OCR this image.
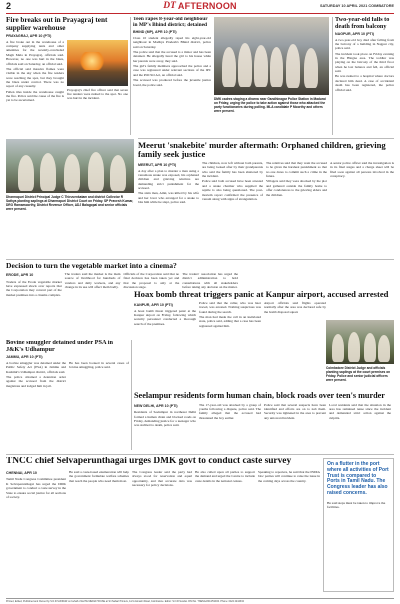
2	DT AFTERNOON	SATURDAY 10 APRIL 2021 COIMBATORE
Fire breaks out in Prayagraj tent supplier warehouse
PRAYAGRAJ, APR 10 (PTI)

A fire broke out in the warehouse of a company supplying tents and other amenities for the recently-concluded Magh Mela in Prayagraj, officials said. However, no one was hurt in the blaze, officials said on Saturday, an official said.

The official said massive flames were visible in the sky when the fire tenders were reaching the spot, but they brought the blaze under control. There was no report of any casualty.

Fallen tiles inside the warehouse caught the fire. Police said the cause of the fire is yet to be ascertained.

Prayagraj's chief fire officer said that seven fire tenders were rushed to the spot. No one was hurt in the incident.

Teen rapes 8-year-old neighbour in MP's Bhind district; detained
BHIND (MP), APR 10 (PTI)

Class 10 student allegedly raped his eight-year-old neighbour in Madhya Pradesh's Bhind district, police said on Saturday.

The police said that the accused is a minor and has been detained. He allegedly lured the girl to his house while her parents were away, they said.

The girl's family members approached the police and a case was registered under relevant sections of the IPC and the POCSO Act, an official said.

The accused was produced before the juvenile justice board, the police said.

DMK cadres staging a dharna near Gandhinagar Police Station in Madurai on Friday, urging the police to take action against those who attacked the party functionaries during polling. MLA candidate P Moorthy and others were present.
Two-year-old falls to death from balcony
NAGPUR, APR 10 (PTI)

A two-year-old boy died after falling from the balcony of a building in Nagpur city, police said.

The incident took place on Friday evening in the Hingna area. The toddler was playing on the balcony of the third floor when he lost balance and fell, an official said.

He was rushed to a hospital where doctors declared him dead. A case of accidental death has been registered, the police official said.

Dharmapuri District Principal Judge C Thiruvenkatam and district Collector R Sathya planting saplings at Dharmapuri District Court on Friday. SP Pravesh Kumar, DRO Ramamoorthy, District Revenue Officer, ADJ Balagopal and senior officials were present.
Meerut 'snakebite' murder aftermath: Orphaned children, grieving family seek justice
MEERUT, APR 10 (PTI)

A day after a plan to murder a man using a venomous snake was exposed, his orphaned children and grieving relatives are demanding strict punishment for the accused.

The slain man, Amit, was killed by his wife and her lover who arranged for a snake to bite him while he slept, police said.

The children, now left without both parents, are being looked after by their grandparents who said the family has been shattered by the incident.

Police said both accused have been arrested and a snake charmer who supplied the reptile is also being questioned. The post-mortem report confirmed the presence of venom along with signs of strangulation.

The relatives said that they want the accused to be given the harshest punishment so that no one dares to commit such a crime in the future.

Villagers said they were shocked by the plot and gathered outside the family home to offer condolences to the grieving elders and the children.

A senior police officer said the investigation is in its final stages and a charge sheet will be filed soon against all persons involved in the conspiracy.

Decision to turn the vegetable market into a cinema?
ERODE, APR 10

Traders of the Erode vegetable market have expressed shock over reports that the Corporation may convert part of the market premises into a cinema complex.

The traders said the market is the main source of livelihood for hundreds of vendors and daily workers, and any change in its use will affect them badly.

Officials of the Corporation said that no final decision has been taken yet and that the proposal is only at the discussion stage.

The traders' association has urged the district administration to hold consultations with all stakeholders before taking any decision on the matter.

Hoax bomb threat triggers panic at Kanpur airport, accused arrested
KANPUR, APR 10 (PTI)

A hoax bomb threat triggered panic at the Kanpur airport on Friday, following which security personnel conducted a thorough search of the premises.

Police said that the caller, who was later traced, was arrested. Nothing suspicious was found during the search.

The man had made the call in an inebriated state, police said, adding that a case has been registered against him.

Airport officials said flights operated normally after the area was declared safe by the bomb disposal squad.

Coimbatore District Judge and officials planting saplings at the court premises on Friday. Police and senior judicial officers were present.
Bovine smuggler detained under PSA in J&K's Udhampur
JAMMU, APR 10 (PTI)

A bovine smuggler was detained under the Public Safety Act (PSA) in Jammu and Kashmir's Udhampur district, officials said.

The police obtained a detention order against the accused from the district magistrate and lodged him in jail.

He has been booked in several cases of bovine smuggling, police said.

Seelampur residents form human chain, block roads over teen's murder
NEW DELHI, APR 10 (PTI)

Residents of Seelampur in northeast Delhi formed a human chain and blocked roads on Friday, demanding justice for a teenager who was stabbed to death, police said.

The 17-year-old was attacked by a group of youths following a dispute, police said. The family alleged that the accused had threatened the boy earlier.

Police said that several suspects have been identified and efforts are on to nab them. Security was tightened in the area to prevent any untoward incident.

Local residents said that the situation in the area has remained tense since the incident and demanded strict action against the culprits.

TNCC chief Selvaperunthagai urges DMK govt to conduct caste survey
CHENNAI, APR 10

Tamil Nadu Congress Committee president K Selvaperunthagai has urged the DMK government to conduct a caste survey in the State to ensure social justice for all sections of society.

He said a caste-based enumeration will help the government formulate welfare schemes that reach the people who need them most.

The Congress leader said the party had always stood for reservation and equal opportunity, and that accurate data was necessary for policy decisions.

He also called upon all parties to support the demand and urged the Centre to include caste details in the national census.

Speaking to reporters, he said that the INDIA bloc parties will continue to raise the issue in the coming days across the country.

On a flutter in the port where all activities of Port Trust is compared to Ports in Tamil Nadu. The Congress leader has also raised concerns.
He said steps must be taken to improve the facilities.
Printed, Edited, Published and Owned by S.N.R.SUNDAR on behalf of ELITE MEDIA HOUSE at Sri Sabari Printers, 1/21 Avinashi Road, Coimbatore. Editor: S.N.R.Sundar. RNI No. TNENG/2013/51934. Phone: 0422 2244332
